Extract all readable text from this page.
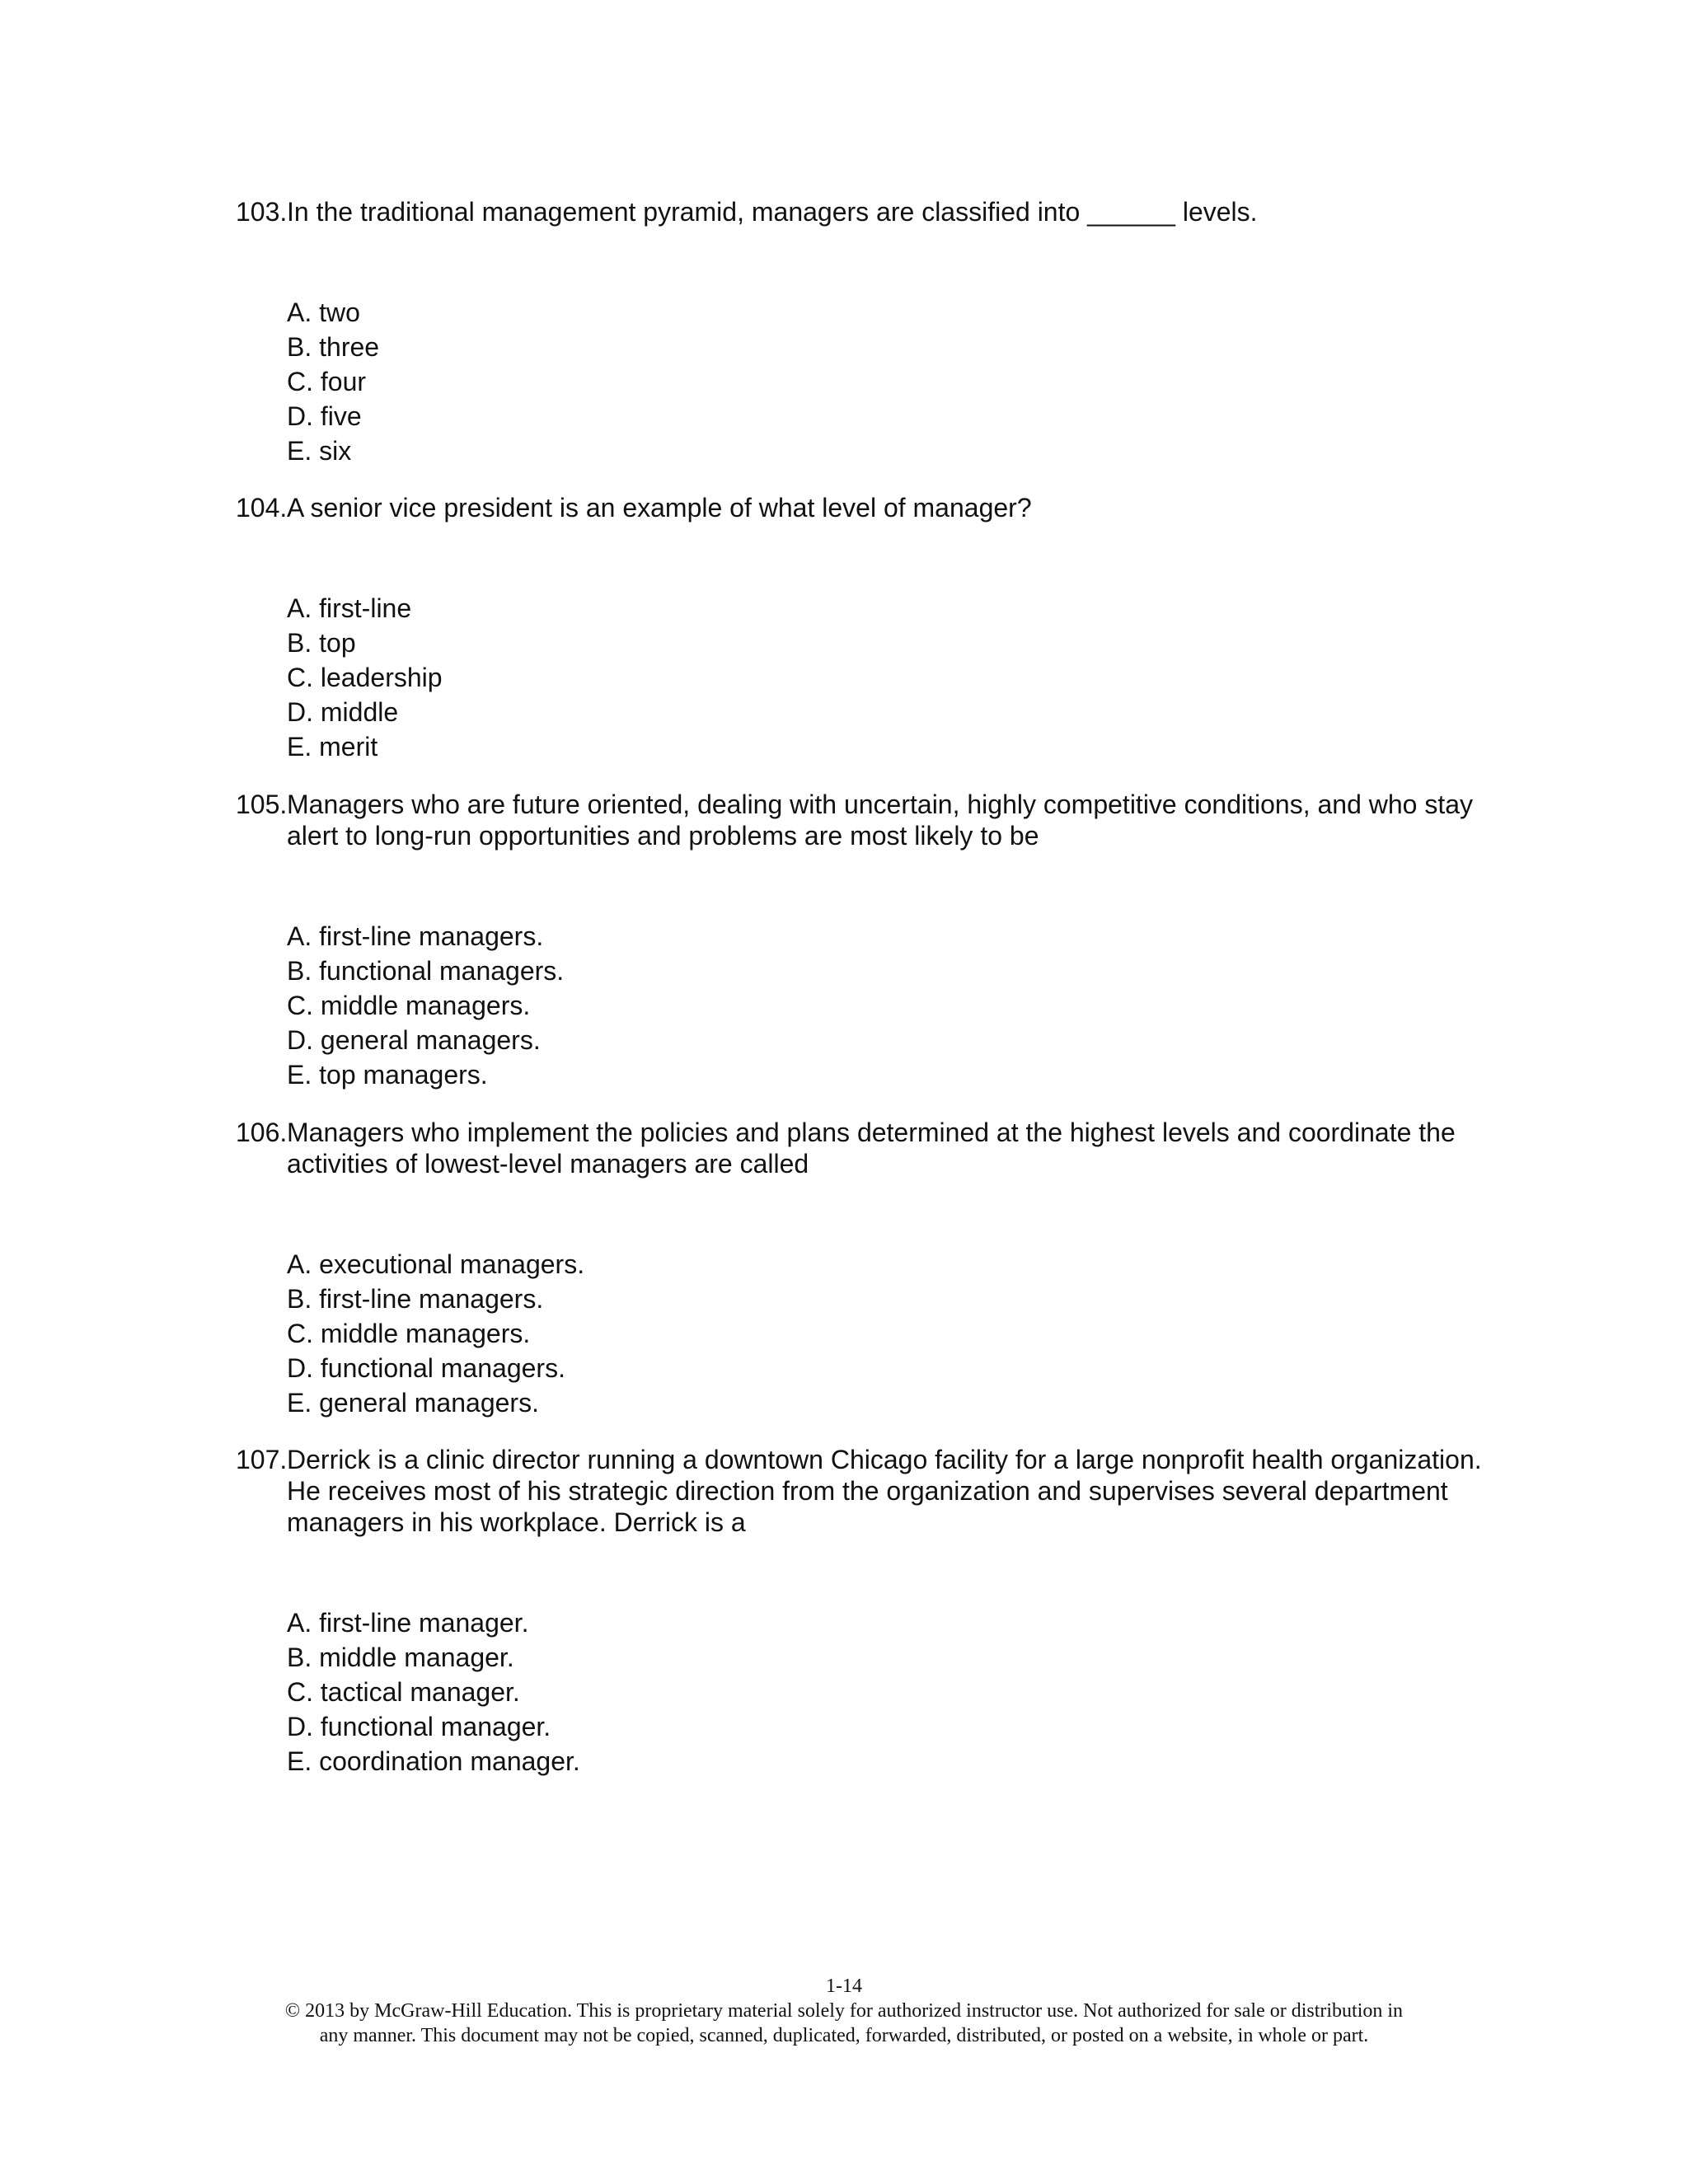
103. In the traditional management pyramid, managers are classified into ______ levels.
A. two
B. three
C. four
D. five
E. six
104. A senior vice president is an example of what level of manager?
A. first-line
B. top
C. leadership
D. middle
E. merit
105. Managers who are future oriented, dealing with uncertain, highly competitive conditions, and who stay alert to long-run opportunities and problems are most likely to be
A. first-line managers.
B. functional managers.
C. middle managers.
D. general managers.
E. top managers.
106. Managers who implement the policies and plans determined at the highest levels and coordinate the activities of lowest-level managers are called
A. executional managers.
B. first-line managers.
C. middle managers.
D. functional managers.
E. general managers.
107. Derrick is a clinic director running a downtown Chicago facility for a large nonprofit health organization. He receives most of his strategic direction from the organization and supervises several department managers in his workplace. Derrick is a
A. first-line manager.
B. middle manager.
C. tactical manager.
D. functional manager.
E. coordination manager.
1-14
© 2013 by McGraw-Hill Education. This is proprietary material solely for authorized instructor use. Not authorized for sale or distribution in
any manner. This document may not be copied, scanned, duplicated, forwarded, distributed, or posted on a website, in whole or part.
